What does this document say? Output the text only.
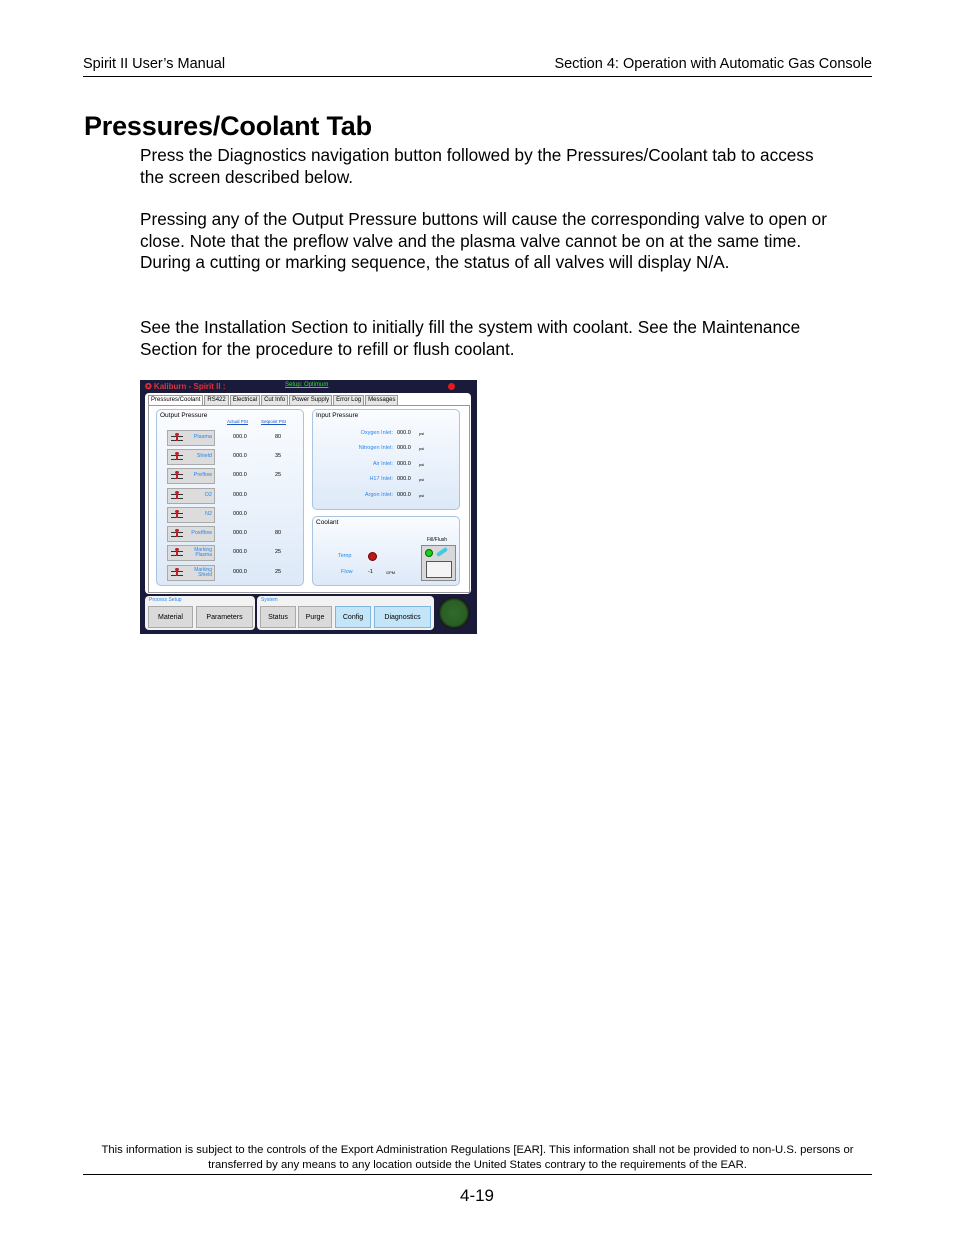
Spirit II User’s Manual	Section 4: Operation with Automatic Gas Console
Pressures/Coolant Tab

Press the Diagnostics navigation button followed by the Pressures/Coolant tab to access the screen described below.

Pressing any of the Output Pressure buttons will cause the corresponding valve to open or close. Note that the preflow valve and the plasma valve cannot be on at the same time. During a cutting or marking sequence, the status of all valves will display N/A.

See the Installation Section to initially fill the system with coolant. See the Maintenance Section for the procedure to refill or flush coolant.

✪ Kaliburn - Spirit II :	Setup: Optimum
Pressures/Coolant	RS422	Electrical	Cut Info	Power Supply	Error Log	Messages
Output Pressure
Actual PSI	Setpoint PSI
Plasma	000.0	80
Shield	000.0	35
Preflow	000.0	25
O2	000.0
N2	000.0
Postflow	000.0	80
Marking Plasma	000.0	25
Marking Shield	000.0	25
Input Pressure
Oxygen Inlet: 000.0 psi
Nitrogen Inlet: 000.0 psi
Air Inlet: 000.0 psi
H17 Inlet: 000.0 psi
Argon Inlet: 000.0 psi
Coolant
Temp
Flow	-1	GPM
Fill/Flush
Process Setup
Material	Parameters
System
Status	Purge	Config	Diagnostics
This information is subject to the controls of the Export Administration Regulations [EAR]. This information shall not be provided to non-U.S. persons or transferred by any means to any location outside the United States contrary to the requirements of the EAR.
4-19
